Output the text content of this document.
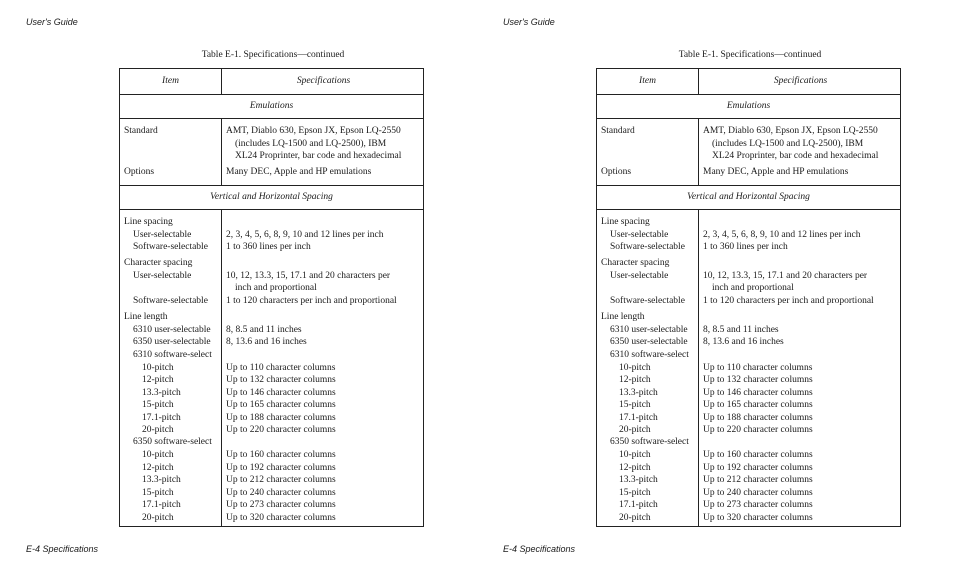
User's Guide
Table E-1. Specifications—continued
Item	Specifications
Emulations
Standard	AMT, Diablo 630, Epson JX, Epson LQ-2550
(includes LQ-1500 and LQ-2500), IBM
XL24 Proprinter, bar code and hexadecimal
Options	Many DEC, Apple and HP emulations
Vertical and Horizontal Spacing
Line spacing
User-selectable	2, 3, 4, 5, 6, 8, 9, 10 and 12 lines per inch
Software-selectable 1 to 360 lines per inch
Character spacing
User-selectable	10, 12, 13.3, 15, 17.1 and 20 characters per
inch and proportional
Software-selectable 1 to 120 characters per inch and proportional
Line length
6310 user-selectable 8, 8.5 and 11 inches
6350 user-selectable 8, 13.6 and 16 inches
6310 software-select
10-pitch	Up to 110 character columns
12-pitch	Up to 132 character columns
13.3-pitch	Up to 146 character columns
15-pitch	Up to 165 character columns
17.1-pitch	Up to 188 character columns
20-pitch	Up to 220 character columns
6350 software-select
10-pitch	Up to 160 character columns
12-pitch	Up to 192 character columns
13.3-pitch	Up to 212 character columns
15-pitch	Up to 240 character columns
17.1-pitch	Up to 273 character columns
20-pitch	Up to 320 character columns
E-4 Specifications
User's Guide
Table E-1. Specifications—continued
Item	Specifications
Emulations
Standard	AMT, Diablo 630, Epson JX, Epson LQ-2550
(includes LQ-1500 and LQ-2500), IBM
XL24 Proprinter, bar code and hexadecimal
Options	Many DEC, Apple and HP emulations
Vertical and Horizontal Spacing
Line spacing
User-selectable	2, 3, 4, 5, 6, 8, 9, 10 and 12 lines per inch
Software-selectable 1 to 360 lines per inch
Character spacing
User-selectable	10, 12, 13.3, 15, 17.1 and 20 characters per
inch and proportional
Software-selectable 1 to 120 characters per inch and proportional
Line length
6310 user-selectable 8, 8.5 and 11 inches
6350 user-selectable 8, 13.6 and 16 inches
6310 software-select
10-pitch	Up to 110 character columns
12-pitch	Up to 132 character columns
13.3-pitch	Up to 146 character columns
15-pitch	Up to 165 character columns
17.1-pitch	Up to 188 character columns
20-pitch	Up to 220 character columns
6350 software-select
10-pitch	Up to 160 character columns
12-pitch	Up to 192 character columns
13.3-pitch	Up to 212 character columns
15-pitch	Up to 240 character columns
17.1-pitch	Up to 273 character columns
20-pitch	Up to 320 character columns
E-4 Specifications
